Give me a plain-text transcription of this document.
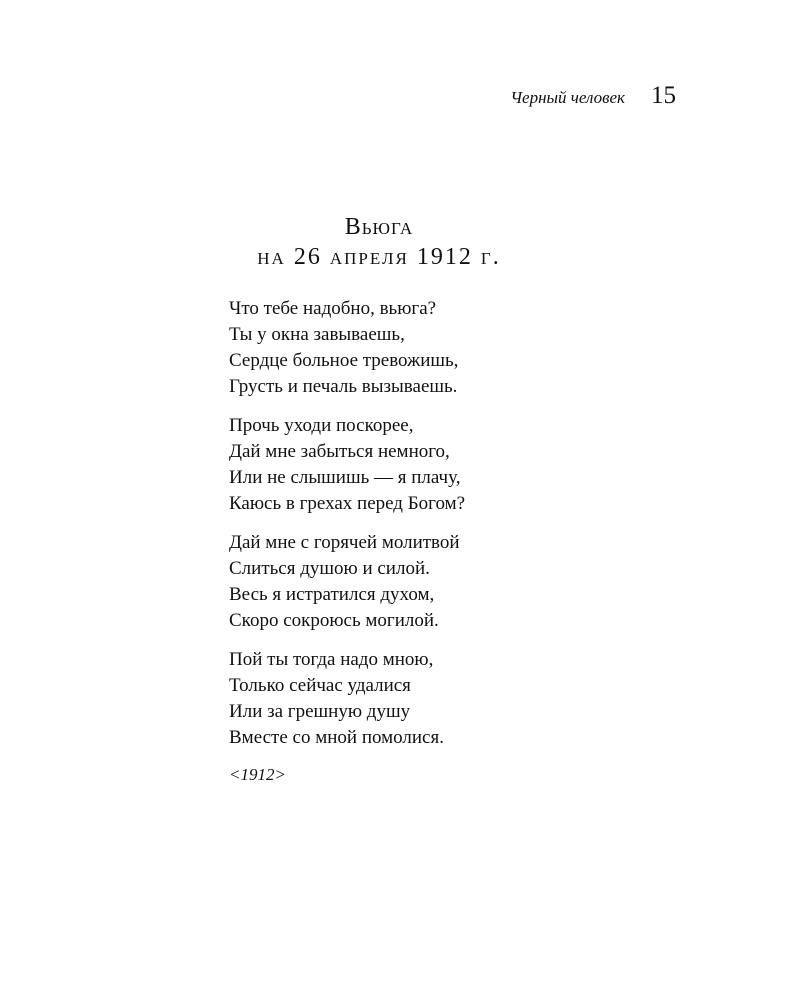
Черный человек 15
Вьюга
на 26 апреля 1912 г.
Что тебе надобно, вьюга?
Ты у окна завываешь,
Сердце больное тревожишь,
Грусть и печаль вызываешь.
Прочь уходи поскорее,
Дай мне забыться немного,
Или не слышишь — я плачу,
Каюсь в грехах перед Богом?
Дай мне с горячей молитвой
Слиться душою и силой.
Весь я истратился духом,
Скоро сокроюсь могилой.
Пой ты тогда надо мною,
Только сейчас удалися
Или за грешную душу
Вместе со мной помолися.
<1912>
